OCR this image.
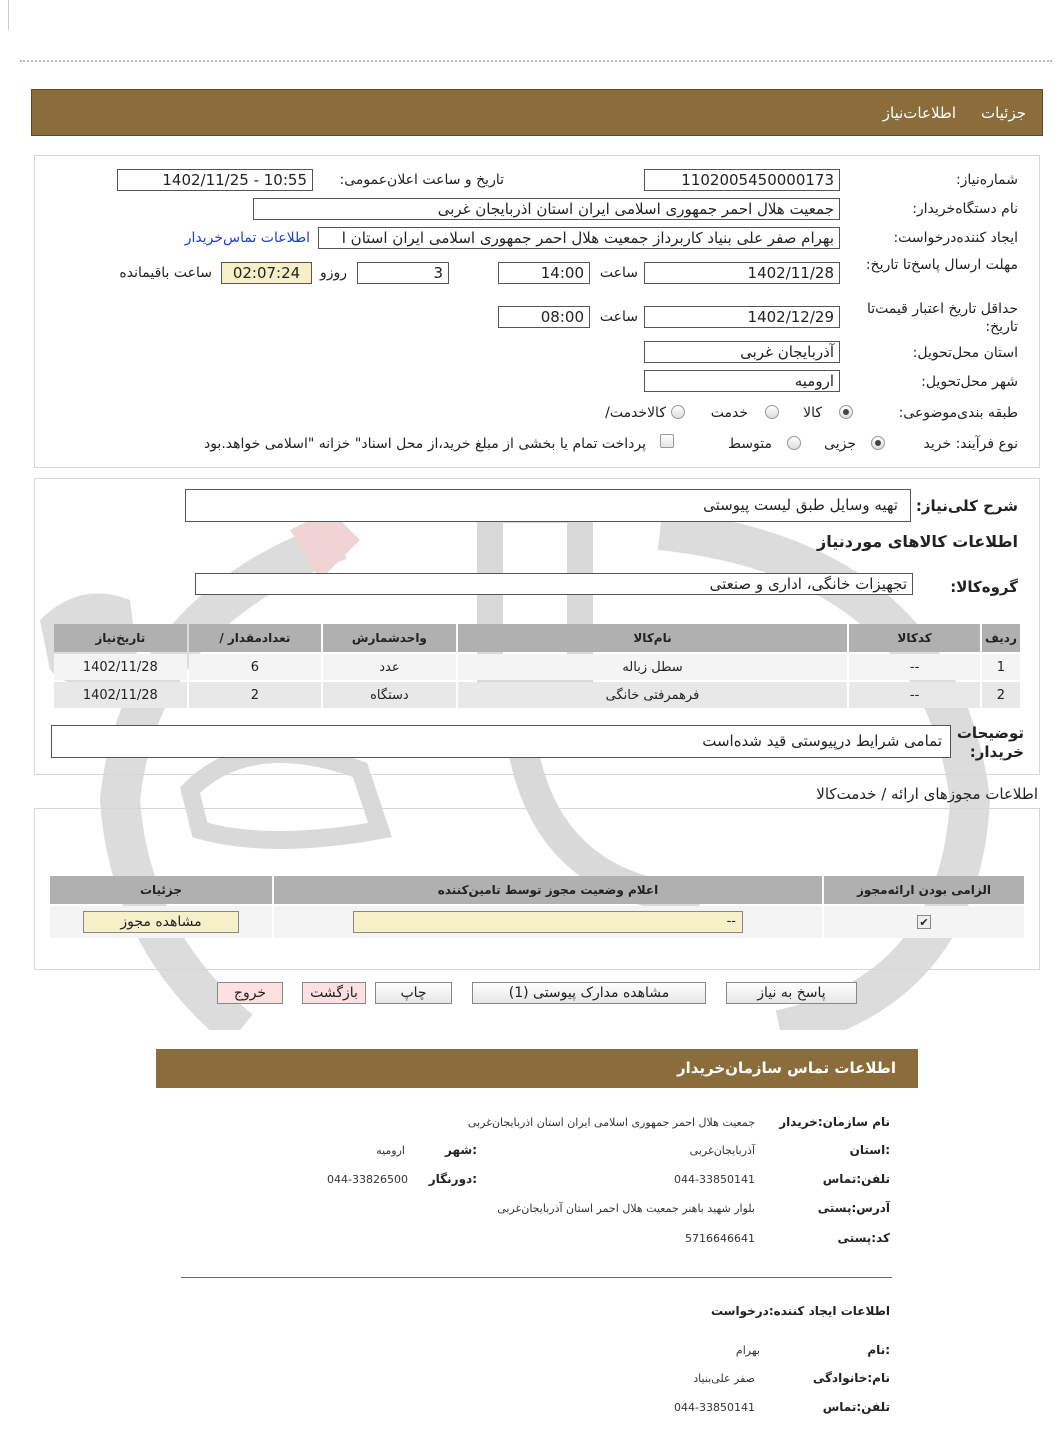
جزئیات
اطلاعات‌نیاز
شماره‌نیاز:
1102005450000173
تاریخ و ساعت اعلان‌عمومی:
1402/11/25 - 10:55
نام دستگاه‌خریدار:
جمعیت هلال احمر جمهوری اسلامی ایران استان اذربایجان غربی
ایجاد کننده‌درخواست:
بهرام صفر علی بنیاد کاربرداز جمعیت هلال احمر جمهوری اسلامی ایران استان ا
اطلاعات تماس‌خریدار
مهلت ارسال پاسخ‌تا تاریخ:
1402/11/28
ساعت
14:00
3
روزو
02:07:24
ساعت باقیمانده
حداقل تاریخ اعتبار قیمت‌تا تاریخ:
1402/12/29
ساعت
08:00
استان محل‌تحویل:
آذربایجان غربی
شهر محل‌تحویل:
ارومیه
طبقه بندی‌موضوعی:
کالا
خدمت
کالا‌خدمت/
نوع فرآیند: خرید
جزیی
متوسط
پرداخت تمام یا بخشی از مبلغ خرید،از محل اسناد" خزانه "اسلامی خواهد.بود
شرح کلی‌نیاز:
تهیه وسایل طبق لیست پیوستی
اطلاعات کالاهای مورد‌نیاز
گروه‌کالا:
تجهیزات خانگی، اداری و صنعتی
ردیف	کدکالا	نام‌کالا	واحدشمارش	تعدادمقدار /	تاریخ‌نیاز
1	--	سطل زباله	عدد	6	1402/11/28
2	--	فرهمرفتی خانگی	دستگاه	2	1402/11/28
توضیحات خریدار:
تمامی شرایط درپیوستی قید شده‌است
اطلاعات مجوزهای ارائه / خدمت‌کالا
الزامی بودن ارائه‌مجوز	اعلام وضعیت مجوز توسط تامین‌کننده	جزئیات
✔	--	مشاهده مجوز
پاسخ به نیاز
مشاهده مدارک پیوستی (1)
چاپ
بازگشت
خروج
اطلاعات تماس سازمان‌خریدار
نام سازمان:خریدار
جمعیت هلال احمر جمهوری اسلامی ایران استان اذربایجان‌غربی
:استان
آذربایجان‌غربی
:شهر
ارومیه
تلفن:تماس
044-33850141
:دورنگار
044-33826500
آدرس:پستی
بلوار شهید باهنر جمعیت هلال احمر استان آذربایجان‌غربی
کد:پستی
5716646641
اطلاعات ایجاد کننده:درخواست
:نام
بهرام
نام:خانوادگی
صفر علی‌بنیاد
تلفن:تماس
044-33850141
